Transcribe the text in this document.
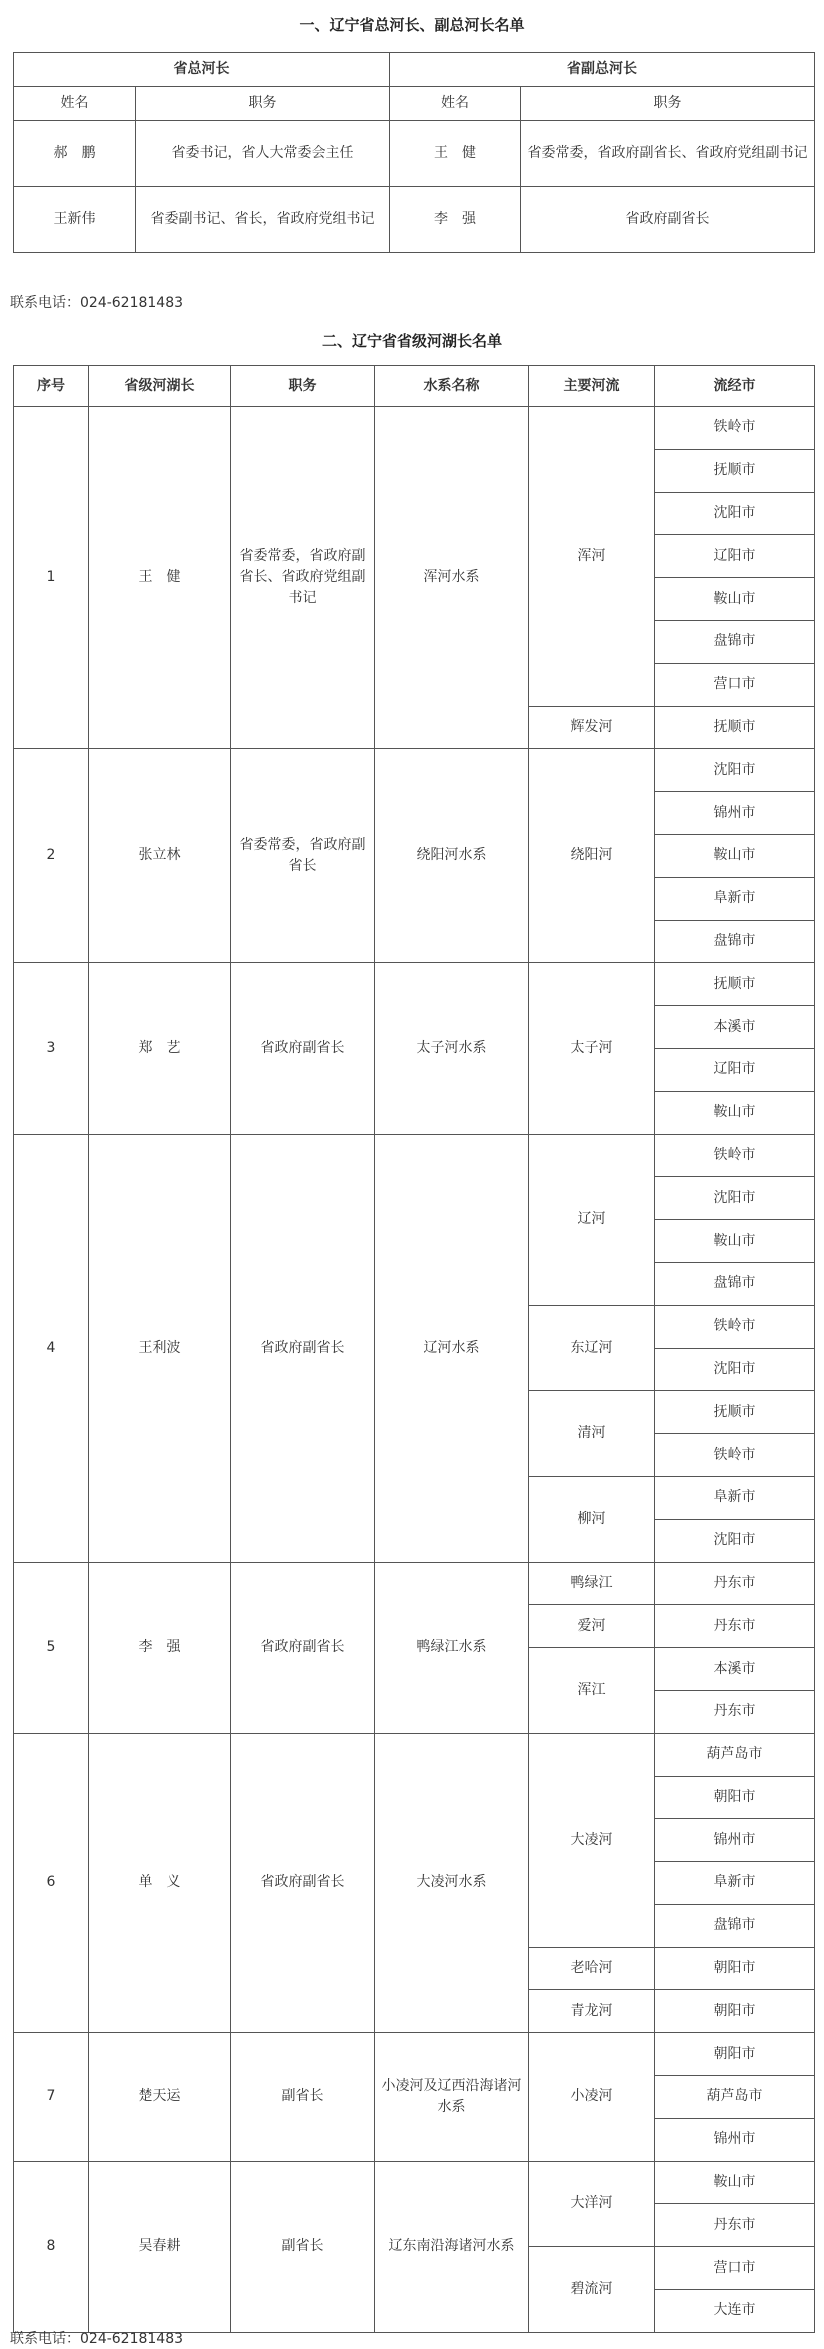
一、辽宁省总河长、副总河长名单
省总河长		省副总河长	
姓名	职务	姓名	职务
郝　鹏	省委书记，省人大常委会主任	王　健	省委常委，省政府副省长、省政府党组副书记
王新伟	省委副书记、省长，省政府党组书记	李　强	省政府副省长
联系电话：024-62181483
二、辽宁省省级河湖长名单
序号	省级河湖长	职务	水系名称	主要河流	流经市
1	王　健	省委常委，省政府副省长、省政府党组副书记	浑河水系	浑河	铁岭市
					抚顺市
					沈阳市
					辽阳市
					鞍山市
					盘锦市
					营口市
				辉发河	抚顺市
2	张立林	省委常委，省政府副省长	绕阳河水系	绕阳河	沈阳市
					锦州市
					鞍山市
					阜新市
					盘锦市
3	郑　艺	省政府副省长	太子河水系	太子河	抚顺市
					本溪市
					辽阳市
					鞍山市
4	王利波	省政府副省长	辽河水系	辽河	铁岭市
					沈阳市
					鞍山市
					盘锦市
				东辽河	铁岭市
					沈阳市
				清河	抚顺市
					铁岭市
				柳河	阜新市
					沈阳市
5	李　强	省政府副省长	鸭绿江水系	鸭绿江	丹东市
				爱河	丹东市
				浑江	本溪市
					丹东市
6	单　义	省政府副省长	大凌河水系	大凌河	葫芦岛市
					朝阳市
					锦州市
					阜新市
					盘锦市
				老哈河	朝阳市
				青龙河	朝阳市
7	楚天运	副省长	小凌河及辽西沿海诸河水系	小凌河	朝阳市
					葫芦岛市
					锦州市
8	吴春耕	副省长	辽东南沿海诸河水系	大洋河	鞍山市
					丹东市
				碧流河	营口市
					大连市
联系电话：024-62181483
